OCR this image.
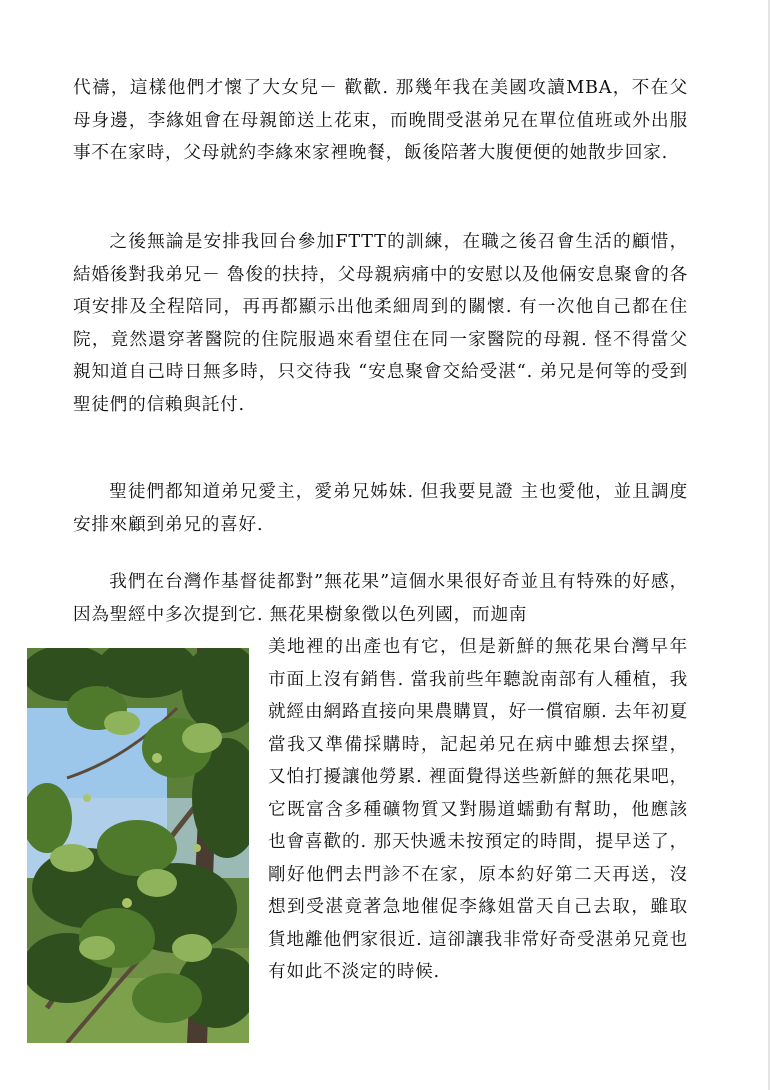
代禱，這樣他們才懷了大女兒－ 歡歡. 那幾年我在美國攻讀MBA，不在父母身邊，李緣姐會在母親節送上花束，而晚間受湛弟兄在單位值班或外出服事不在家時，父母就約李緣來家裡晚餐，飯後陪著大腹便便的她散步回家.

之後無論是安排我回台參加FTTT的訓練，在職之後召會生活的顧惜，結婚後對我弟兄－ 魯俊的扶持，父母親病痛中的安慰以及他倆安息聚會的各項安排及全程陪同，再再都顯示出他柔細周到的關懷. 有一次他自己都在住院，竟然還穿著醫院的住院服過來看望住在同一家醫院的母親. 怪不得當父親知道自己時日無多時，只交待我 “安息聚會交給受湛“. 弟兄是何等的受到聖徒們的信賴與託付.

聖徒們都知道弟兄愛主，愛弟兄姊妹. 但我要見證 主也愛他，並且調度安排來顧到弟兄的喜好.

我們在台灣作基督徒都對”無花果”這個水果很好奇並且有特殊的好感，因為聖經中多次提到它. 無花果樹象徵以色列國，而迦南

美地裡的出產也有它，但是新鮮的無花果台灣早年市面上沒有銷售. 當我前些年聽說南部有人種植，我就經由網路直接向果農購買，好一償宿願. 去年初夏當我又準備採購時，記起弟兄在病中雖想去探望，又怕打擾讓他勞累. 裡面覺得送些新鮮的無花果吧，它既富含多種礦物質又對腸道蠕動有幫助，他應該也會喜歡的. 那天快遞未按預定的時間，提早送了，剛好他們去門診不在家，原本約好第二天再送，沒想到受湛竟著急地催促李緣姐當天自己去取，雖取貨地離他們家很近. 這卻讓我非常好奇受湛弟兄竟也有如此不淡定的時候.
